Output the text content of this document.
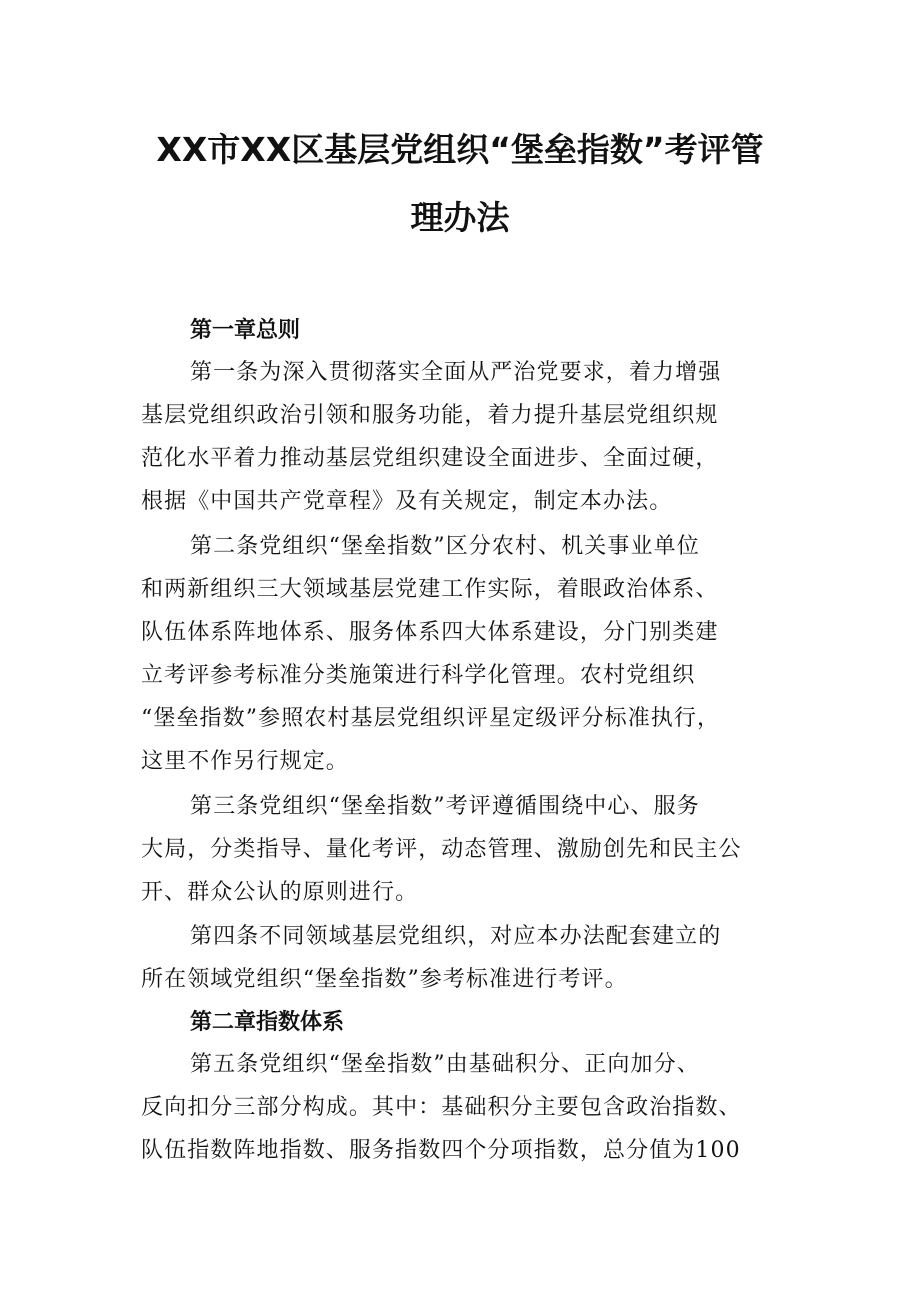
XX市XX区基层党组织“堡垒指数”考评管
理办法
第一章总则

第一条为深入贯彻落实全面从严治党要求，着力增强

基层党组织政治引领和服务功能，着力提升基层党组织规

范化水平着力推动基层党组织建设全面进步、全面过硬，

根据《中国共产党章程》及有关规定，制定本办法。

第二条党组织“堡垒指数”区分农村、机关事业单位

和两新组织三大领域基层党建工作实际，着眼政治体系、

队伍体系阵地体系、服务体系四大体系建设，分门别类建

立考评参考标准分类施策进行科学化管理。农村党组织

“堡垒指数”参照农村基层党组织评星定级评分标准执行，

这里不作另行规定。

第三条党组织“堡垒指数”考评遵循围绕中心、服务

大局，分类指导、量化考评，动态管理、激励创先和民主公

开、群众公认的原则进行。

第四条不同领域基层党组织，对应本办法配套建立的

所在领域党组织“堡垒指数”参考标准进行考评。

第二章指数体系

第五条党组织“堡垒指数”由基础积分、正向加分、

反向扣分三部分构成。其中：基础积分主要包含政治指数、

队伍指数阵地指数、服务指数四个分项指数，总分值为100
